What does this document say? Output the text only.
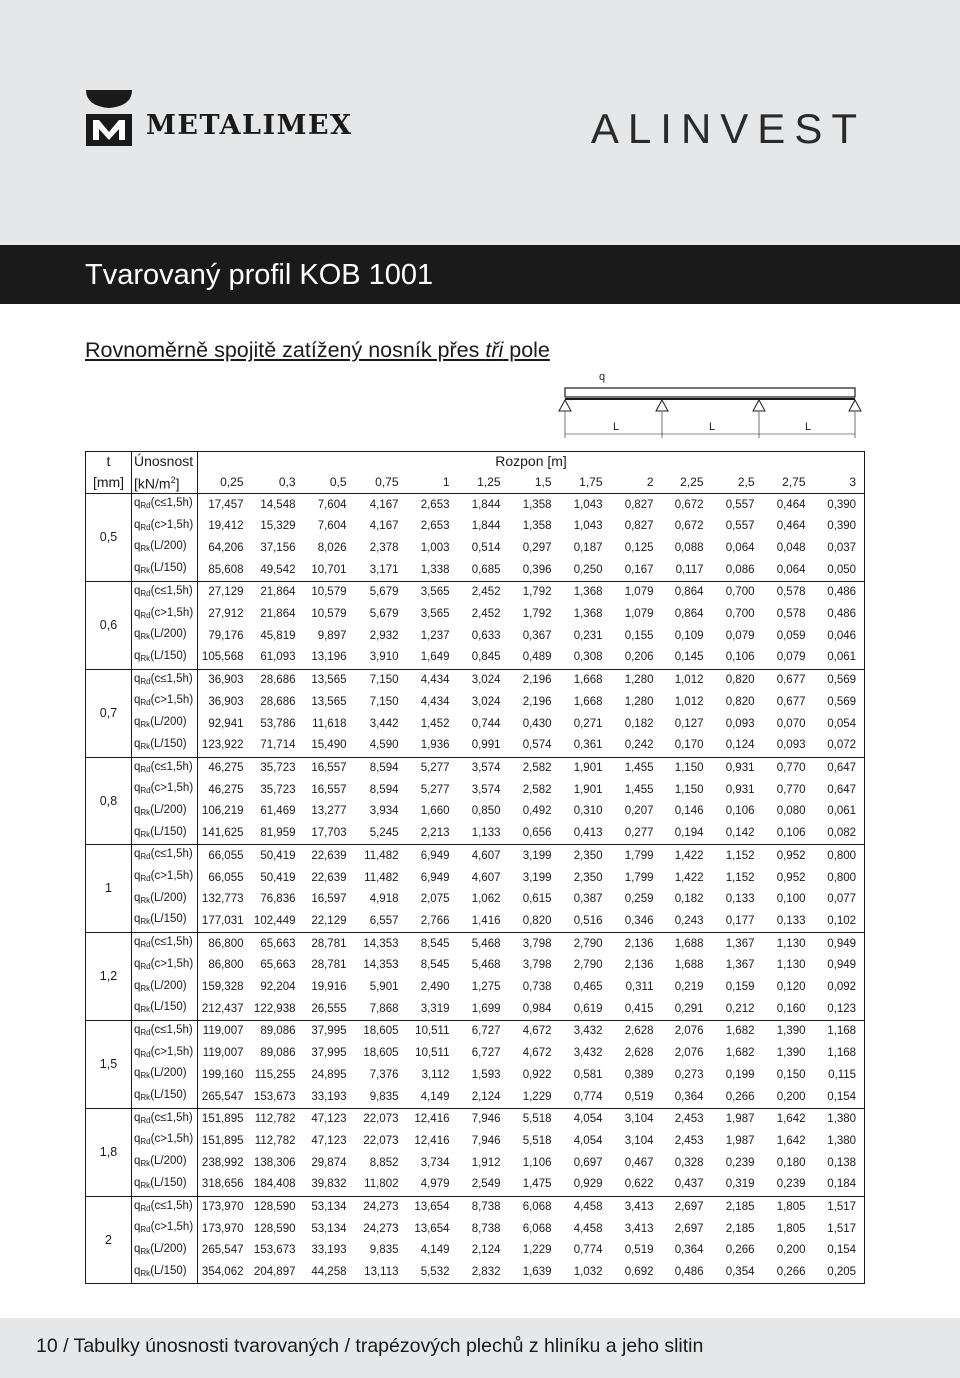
METALIMEX	ALINVEST
Tvarovaný profil KOB 1001
Rovnoměrně spojitě zatížený nosník přes tři pole
q
L	L	L
t	Únosnost	Rozpon [m]												
[mm]	$[kN/m^2]$	0,25	0,3	0,5	0,75	1	1,25	1,5	1,75	2	2,25	2,5	2,75	3
0,5	$q_{Rd}(c\le 1,5h)$	17,457	14,548	7,604	4,167	2,653	1,844	1,358	1,043	0,827	0,672	0,557	0,464	0,390
	$q_{Rd}(c>1,5h)$	19,412	15,329	7,604	4,167	2,653	1,844	1,358	1,043	0,827	0,672	0,557	0,464	0,390
	$q_{Rk}(L/200)$	64,206	37,156	8,026	2,378	1,003	0,514	0,297	0,187	0,125	0,088	0,064	0,048	0,037
	$q_{Rk}(L/150)$	85,608	49,542	10,701	3,171	1,338	0,685	0,396	0,250	0,167	0,117	0,086	0,064	0,050
0,6	$q_{Rd}(c\le 1,5h)$	27,129	21,864	10,579	5,679	3,565	2,452	1,792	1,368	1,079	0,864	0,700	0,578	0,486
	$q_{Rd}(c>1,5h)$	27,912	21,864	10,579	5,679	3,565	2,452	1,792	1,368	1,079	0,864	0,700	0,578	0,486
	$q_{Rk}(L/200)$	79,176	45,819	9,897	2,932	1,237	0,633	0,367	0,231	0,155	0,109	0,079	0,059	0,046
	$q_{Rk}(L/150)$	105,568	61,093	13,196	3,910	1,649	0,845	0,489	0,308	0,206	0,145	0,106	0,079	0,061
0,7	$q_{Rd}(c\le 1,5h)$	36,903	28,686	13,565	7,150	4,434	3,024	2,196	1,668	1,280	1,012	0,820	0,677	0,569
	$q_{Rd}(c>1,5h)$	36,903	28,686	13,565	7,150	4,434	3,024	2,196	1,668	1,280	1,012	0,820	0,677	0,569
	$q_{Rk}(L/200)$	92,941	53,786	11,618	3,442	1,452	0,744	0,430	0,271	0,182	0,127	0,093	0,070	0,054
	$q_{Rk}(L/150)$	123,922	71,714	15,490	4,590	1,936	0,991	0,574	0,361	0,242	0,170	0,124	0,093	0,072
0,8	$q_{Rd}(c\le 1,5h)$	46,275	35,723	16,557	8,594	5,277	3,574	2,582	1,901	1,455	1,150	0,931	0,770	0,647
	$q_{Rd}(c>1,5h)$	46,275	35,723	16,557	8,594	5,277	3,574	2,582	1,901	1,455	1,150	0,931	0,770	0,647
	$q_{Rk}(L/200)$	106,219	61,469	13,277	3,934	1,660	0,850	0,492	0,310	0,207	0,146	0,106	0,080	0,061
	$q_{Rk}(L/150)$	141,625	81,959	17,703	5,245	2,213	1,133	0,656	0,413	0,277	0,194	0,142	0,106	0,082
1	$q_{Rd}(c\le 1,5h)$	66,055	50,419	22,639	11,482	6,949	4,607	3,199	2,350	1,799	1,422	1,152	0,952	0,800
	$q_{Rd}(c>1,5h)$	66,055	50,419	22,639	11,482	6,949	4,607	3,199	2,350	1,799	1,422	1,152	0,952	0,800
	$q_{Rk}(L/200)$	132,773	76,836	16,597	4,918	2,075	1,062	0,615	0,387	0,259	0,182	0,133	0,100	0,077
	$q_{Rk}(L/150)$	177,031	102,449	22,129	6,557	2,766	1,416	0,820	0,516	0,346	0,243	0,177	0,133	0,102
1,2	$q_{Rd}(c\le 1,5h)$	86,800	65,663	28,781	14,353	8,545	5,468	3,798	2,790	2,136	1,688	1,367	1,130	0,949
	$q_{Rd}(c>1,5h)$	86,800	65,663	28,781	14,353	8,545	5,468	3,798	2,790	2,136	1,688	1,367	1,130	0,949
	$q_{Rk}(L/200)$	159,328	92,204	19,916	5,901	2,490	1,275	0,738	0,465	0,311	0,219	0,159	0,120	0,092
	$q_{Rk}(L/150)$	212,437	122,938	26,555	7,868	3,319	1,699	0,984	0,619	0,415	0,291	0,212	0,160	0,123
1,5	$q_{Rd}(c\le 1,5h)$	119,007	89,086	37,995	18,605	10,511	6,727	4,672	3,432	2,628	2,076	1,682	1,390	1,168
	$q_{Rd}(c>1,5h)$	119,007	89,086	37,995	18,605	10,511	6,727	4,672	3,432	2,628	2,076	1,682	1,390	1,168
	$q_{Rk}(L/200)$	199,160	115,255	24,895	7,376	3,112	1,593	0,922	0,581	0,389	0,273	0,199	0,150	0,115
	$q_{Rk}(L/150)$	265,547	153,673	33,193	9,835	4,149	2,124	1,229	0,774	0,519	0,364	0,266	0,200	0,154
1,8	$q_{Rd}(c\le 1,5h)$	151,895	112,782	47,123	22,073	12,416	7,946	5,518	4,054	3,104	2,453	1,987	1,642	1,380
	$q_{Rd}(c>1,5h)$	151,895	112,782	47,123	22,073	12,416	7,946	5,518	4,054	3,104	2,453	1,987	1,642	1,380
	$q_{Rk}(L/200)$	238,992	138,306	29,874	8,852	3,734	1,912	1,106	0,697	0,467	0,328	0,239	0,180	0,138
	$q_{Rk}(L/150)$	318,656	184,408	39,832	11,802	4,979	2,549	1,475	0,929	0,622	0,437	0,319	0,239	0,184
2	$q_{Rd}(c\le 1,5h)$	173,970	128,590	53,134	24,273	13,654	8,738	6,068	4,458	3,413	2,697	2,185	1,805	1,517
	$q_{Rd}(c>1,5h)$	173,970	128,590	53,134	24,273	13,654	8,738	6,068	4,458	3,413	2,697	2,185	1,805	1,517
	$q_{Rk}(L/200)$	265,547	153,673	33,193	9,835	4,149	2,124	1,229	0,774	0,519	0,364	0,266	0,200	0,154
	$q_{Rk}(L/150)$	354,062	204,897	44,258	13,113	5,532	2,832	1,639	1,032	0,692	0,486	0,354	0,266	0,205
10 / Tabulky únosnosti tvarovaných / trapézových plechů z hliníku a jeho slitin
